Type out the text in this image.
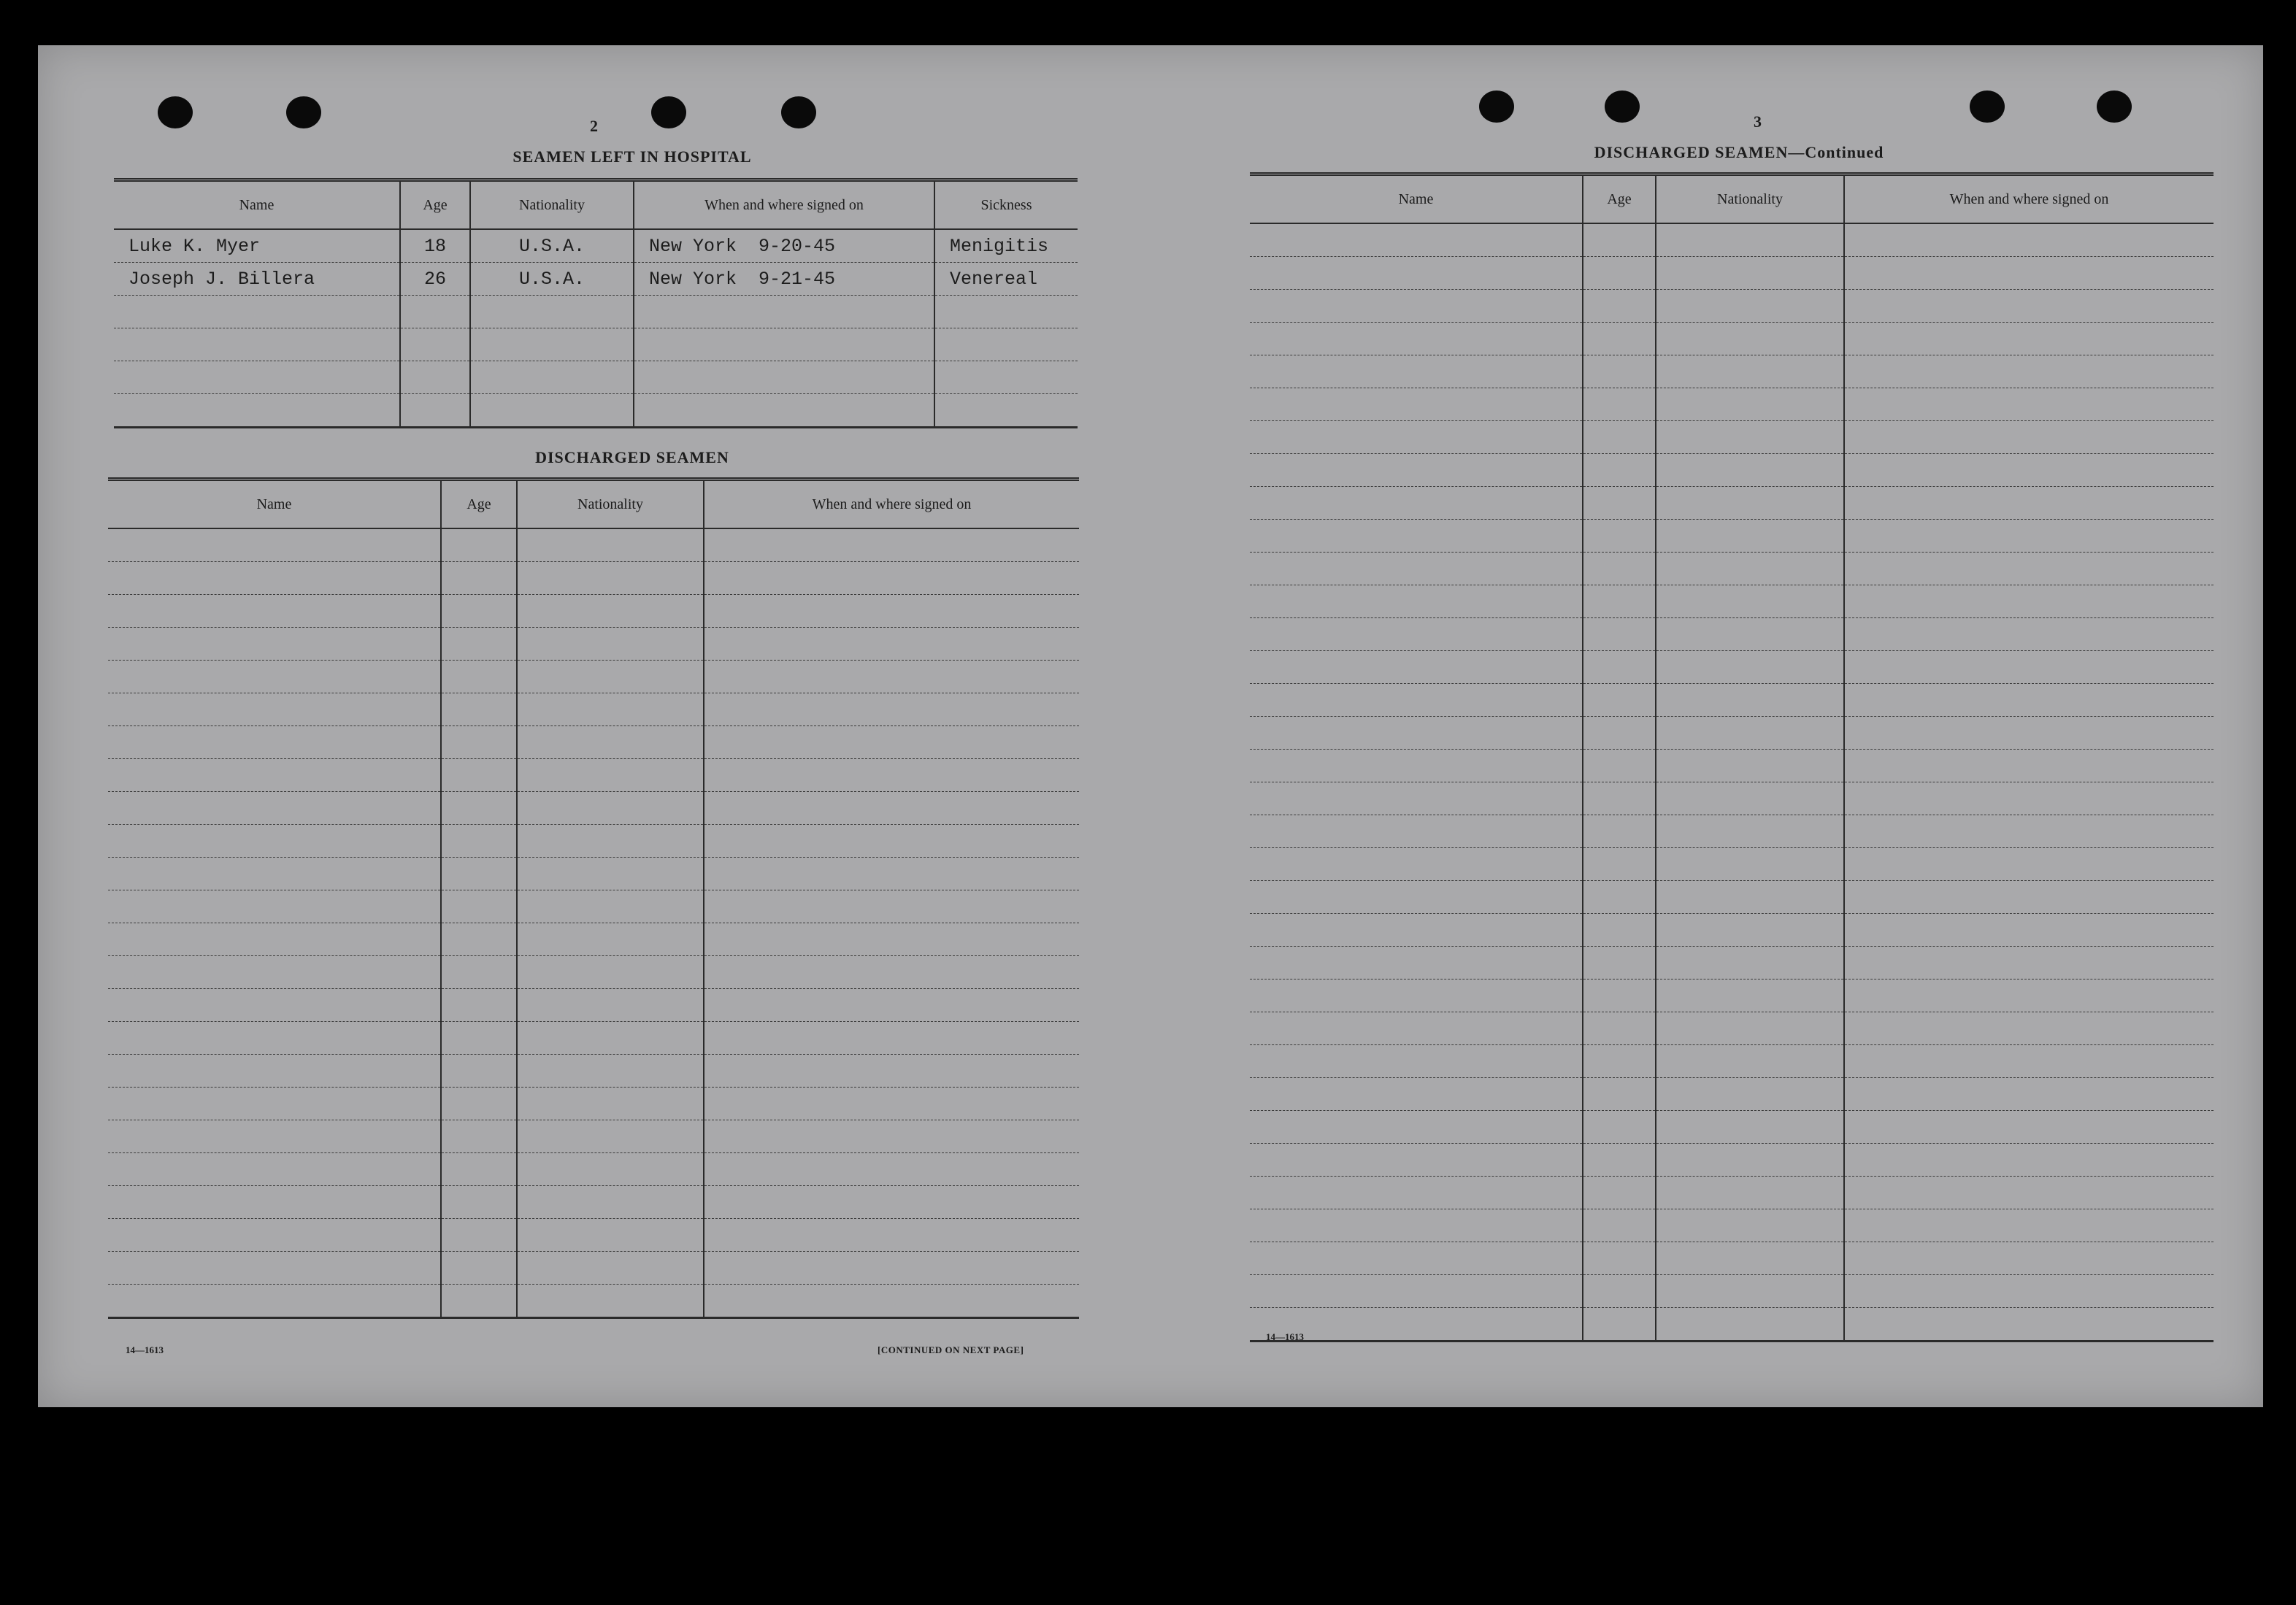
2
SEAMEN LEFT IN HOSPITAL
Name	Age	Nationality	When and where signed on	Sickness
Luke K. Myer	18	U.S.A.	New York  9-20-45	Menigitis
Joseph J. Billera	26	U.S.A.	New York  9-21-45	Venereal

DISCHARGED SEAMEN
Name	Age	Nationality	When and where signed on

14—1613	[CONTINUED ON NEXT PAGE]
3
DISCHARGED SEAMEN—Continued
Name	Age	Nationality	When and where signed on

14—1613
